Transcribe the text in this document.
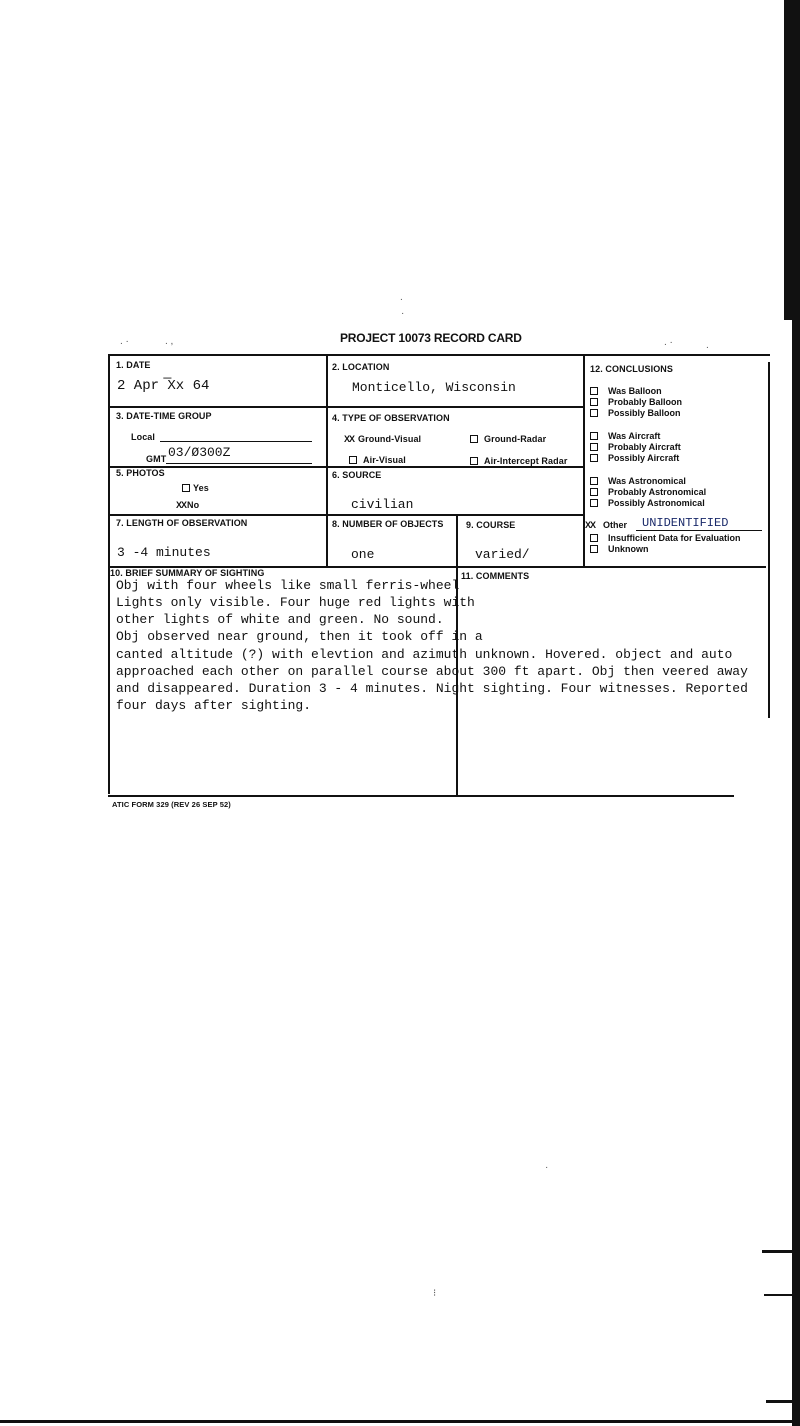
PROJECT 10073 RECORD CARD
.
·
. ·	. ,	. ·	.
1. DATE
2 Apr ̅Xx 64
2. LOCATION
Monticello, Wisconsin
3. DATE-TIME GROUP
Local
GMT 03/Ø300Z
4. TYPE OF OBSERVATION
XX Ground-Visual	Ground-Radar
Air-Visual	Air-Intercept Radar
5. PHOTOS
Yes
XXNo
6. SOURCE
civilian
7. LENGTH OF OBSERVATION
3 -4 minutes
8. NUMBER OF OBJECTS
one
9. COURSE
varied/
12. CONCLUSIONS
Was Balloon
Probably Balloon
Possibly Balloon
Was Aircraft
Probably Aircraft
Possibly Aircraft
Was Astronomical
Probably Astronomical
Possibly Astronomical
XX Other UNIDENTIFIED
Insufficient Data for Evaluation
Unknown
10. BRIEF SUMMARY OF SIGHTING
Obj with four wheels like small ferris-wheel
Lights only visible. Four huge red lights with
other lights of white and green. No sound.
Obj observed near ground, then it took off in a
canted altitude (?) with elevtion and azimuth unknown. Hovered. object and auto
approached each other on parallel course about 300 ft apart. Obj then veered away
and disappeared. Duration 3 - 4 minutes. Night sighting. Four witnesses. Reported
four days after sighting.
11. COMMENTS
ATIC FORM 329 (REV 26 SEP 52)
·
⁝
